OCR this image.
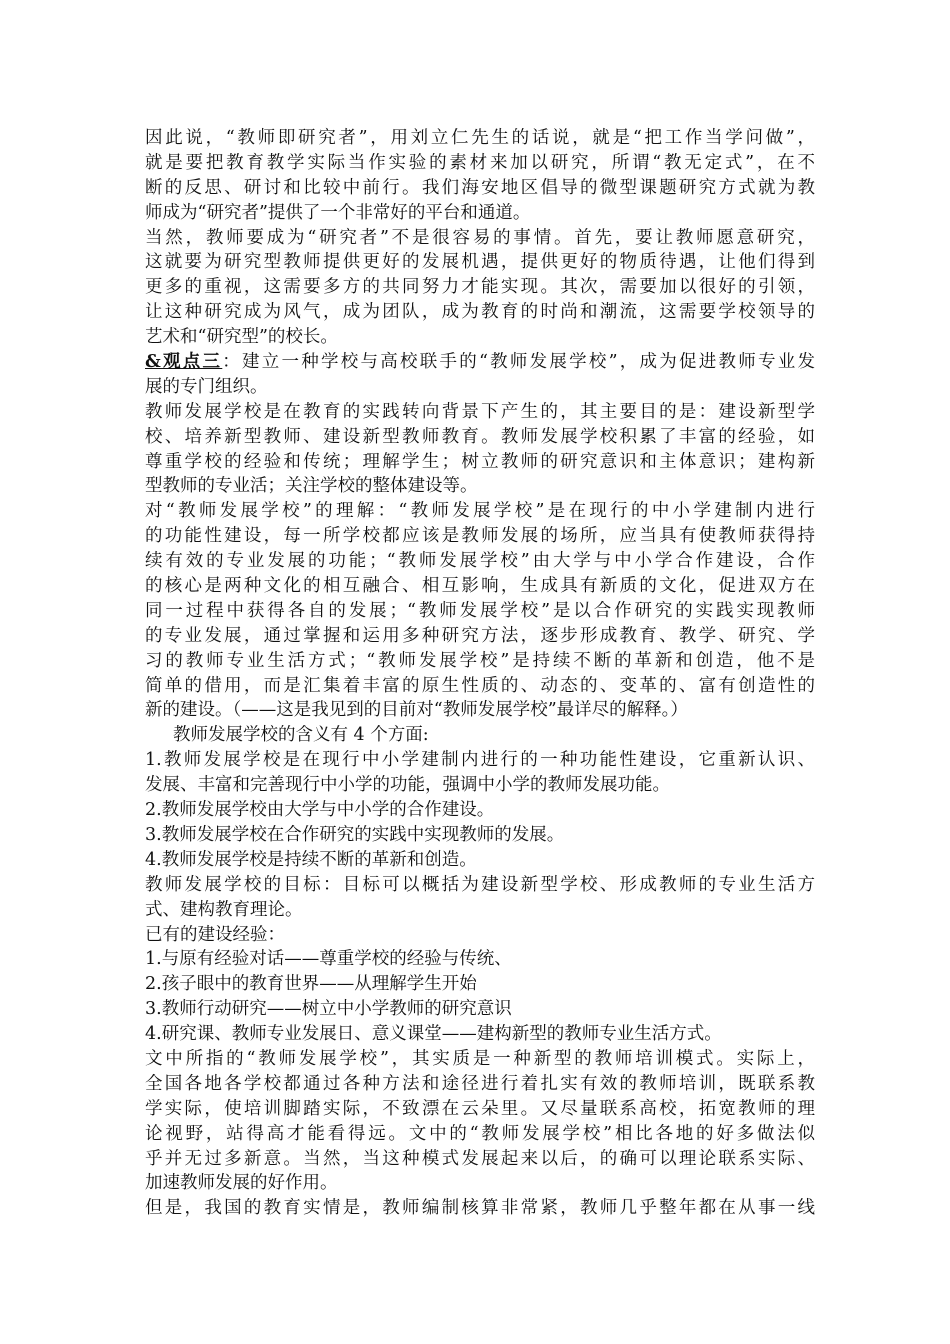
因此说，“教师即研究者”，用刘立仁先生的话说，就是“把工作当学问做”，
就是要把教育教学实际当作实验的素材来加以研究，所谓“教无定式”，在不
断的反思、研讨和比较中前行。我们海安地区倡导的微型课题研究方式就为教
师成为“研究者”提供了一个非常好的平台和通道。
当然，教师要成为“研究者”不是很容易的事情。首先，要让教师愿意研究，
这就要为研究型教师提供更好的发展机遇，提供更好的物质待遇，让他们得到
更多的重视，这需要多方的共同努力才能实现。其次，需要加以很好的引领，
让这种研究成为风气，成为团队，成为教育的时尚和潮流，这需要学校领导的
艺术和“研究型”的校长。
&观点三：建立一种学校与高校联手的“教师发展学校”，成为促进教师专业发
展的专门组织。
教师发展学校是在教育的实践转向背景下产生的，其主要目的是：建设新型学
校、培养新型教师、建设新型教师教育。教师发展学校积累了丰富的经验，如
尊重学校的经验和传统；理解学生；树立教师的研究意识和主体意识；建构新
型教师的专业活；关注学校的整体建设等。
对“教师发展学校”的理解：“教师发展学校”是在现行的中小学建制内进行
的功能性建设，每一所学校都应该是教师发展的场所，应当具有使教师获得持
续有效的专业发展的功能；“教师发展学校”由大学与中小学合作建设，合作
的核心是两种文化的相互融合、相互影响，生成具有新质的文化，促进双方在
同一过程中获得各自的发展；“教师发展学校”是以合作研究的实践实现教师
的专业发展，通过掌握和运用多种研究方法，逐步形成教育、教学、研究、学
习的教师专业生活方式；“教师发展学校”是持续不断的革新和创造，他不是
简单的借用，而是汇集着丰富的原生性质的、动态的、变革的、富有创造性的
新的建设。（——这是我见到的目前对“教师发展学校”最详尽的解释。）
教师发展学校的含义有 4 个方面:
1.教师发展学校是在现行中小学建制内进行的一种功能性建设，它重新认识、
发展、丰富和完善现行中小学的功能，强调中小学的教师发展功能。
2.教师发展学校由大学与中小学的合作建设。
3.教师发展学校在合作研究的实践中实现教师的发展。
4.教师发展学校是持续不断的革新和创造。
教师发展学校的目标：目标可以概括为建设新型学校、形成教师的专业生活方
式、建构教育理论。
已有的建设经验：
1.与原有经验对话——尊重学校的经验与传统、
2.孩子眼中的教育世界——从理解学生开始
3.教师行动研究——树立中小学教师的研究意识
4.研究课、教师专业发展日、意义课堂——建构新型的教师专业生活方式。
文中所指的“教师发展学校”，其实质是一种新型的教师培训模式。实际上，
全国各地各学校都通过各种方法和途径进行着扎实有效的教师培训，既联系教
学实际，使培训脚踏实际，不致漂在云朵里。又尽量联系高校，拓宽教师的理
论视野，站得高才能看得远。文中的“教师发展学校”相比各地的好多做法似
乎并无过多新意。当然，当这种模式发展起来以后，的确可以理论联系实际、
加速教师发展的好作用。
但是，我国的教育实情是，教师编制核算非常紧，教师几乎整年都在从事一线
